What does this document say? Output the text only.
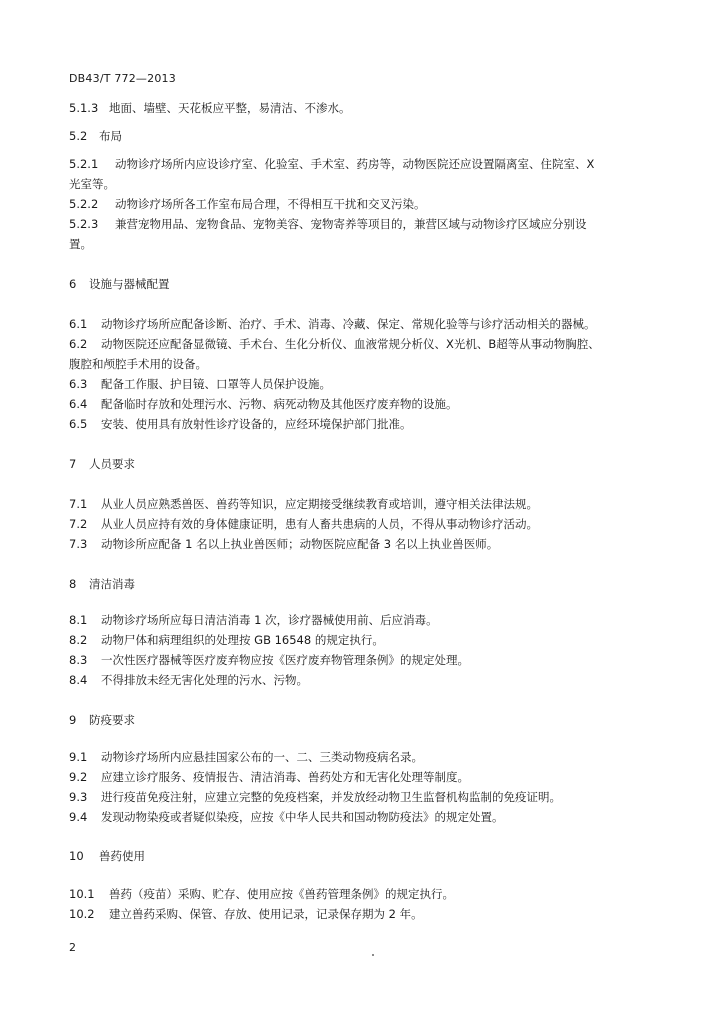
DB43/T 772—2013
5.1.3 地面、墙壁、天花板应平整，易清洁、不渗水。
5.2 布局
5.2.1 动物诊疗场所内应设诊疗室、化验室、手术室、药房等，动物医院还应设置隔离室、住院室、X
光室等。
5.2.2 动物诊疗场所各工作室布局合理，不得相互干扰和交叉污染。
5.2.3 兼营宠物用品、宠物食品、宠物美容、宠物寄养等项目的，兼营区域与动物诊疗区域应分别设
置。
6 设施与器械配置
6.1 动物诊疗场所应配备诊断、治疗、手术、消毒、冷藏、保定、常规化验等与诊疗活动相关的器械。
6.2 动物医院还应配备显微镜、手术台、生化分析仪、血液常规分析仪、X光机、B超等从事动物胸腔、
腹腔和颅腔手术用的设备。
6.3 配备工作服、护目镜、口罩等人员保护设施。
6.4 配备临时存放和处理污水、污物、病死动物及其他医疗废弃物的设施。
6.5 安装、使用具有放射性诊疗设备的，应经环境保护部门批准。
7 人员要求
7.1 从业人员应熟悉兽医、兽药等知识，应定期接受继续教育或培训，遵守相关法律法规。
7.2 从业人员应持有效的身体健康证明，患有人畜共患病的人员，不得从事动物诊疗活动。
7.3 动物诊所应配备 1 名以上执业兽医师；动物医院应配备 3 名以上执业兽医师。
8 清洁消毒
8.1 动物诊疗场所应每日清洁消毒 1 次，诊疗器械使用前、后应消毒。
8.2 动物尸体和病理组织的处理按 GB 16548 的规定执行。
8.3 一次性医疗器械等医疗废弃物应按《医疗废弃物管理条例》的规定处理。
8.4 不得排放未经无害化处理的污水、污物。
9 防疫要求
9.1 动物诊疗场所内应悬挂国家公布的一、二、三类动物疫病名录。
9.2 应建立诊疗服务、疫情报告、清洁消毒、兽药处方和无害化处理等制度。
9.3 进行疫苗免疫注射，应建立完整的免疫档案，并发放经动物卫生监督机构监制的免疫证明。
9.4 发现动物染疫或者疑似染疫，应按《中华人民共和国动物防疫法》的规定处置。
10 兽药使用
10.1 兽药（疫苗）采购、贮存、使用应按《兽药管理条例》的规定执行。
10.2 建立兽药采购、保管、存放、使用记录，记录保存期为 2 年。
2
